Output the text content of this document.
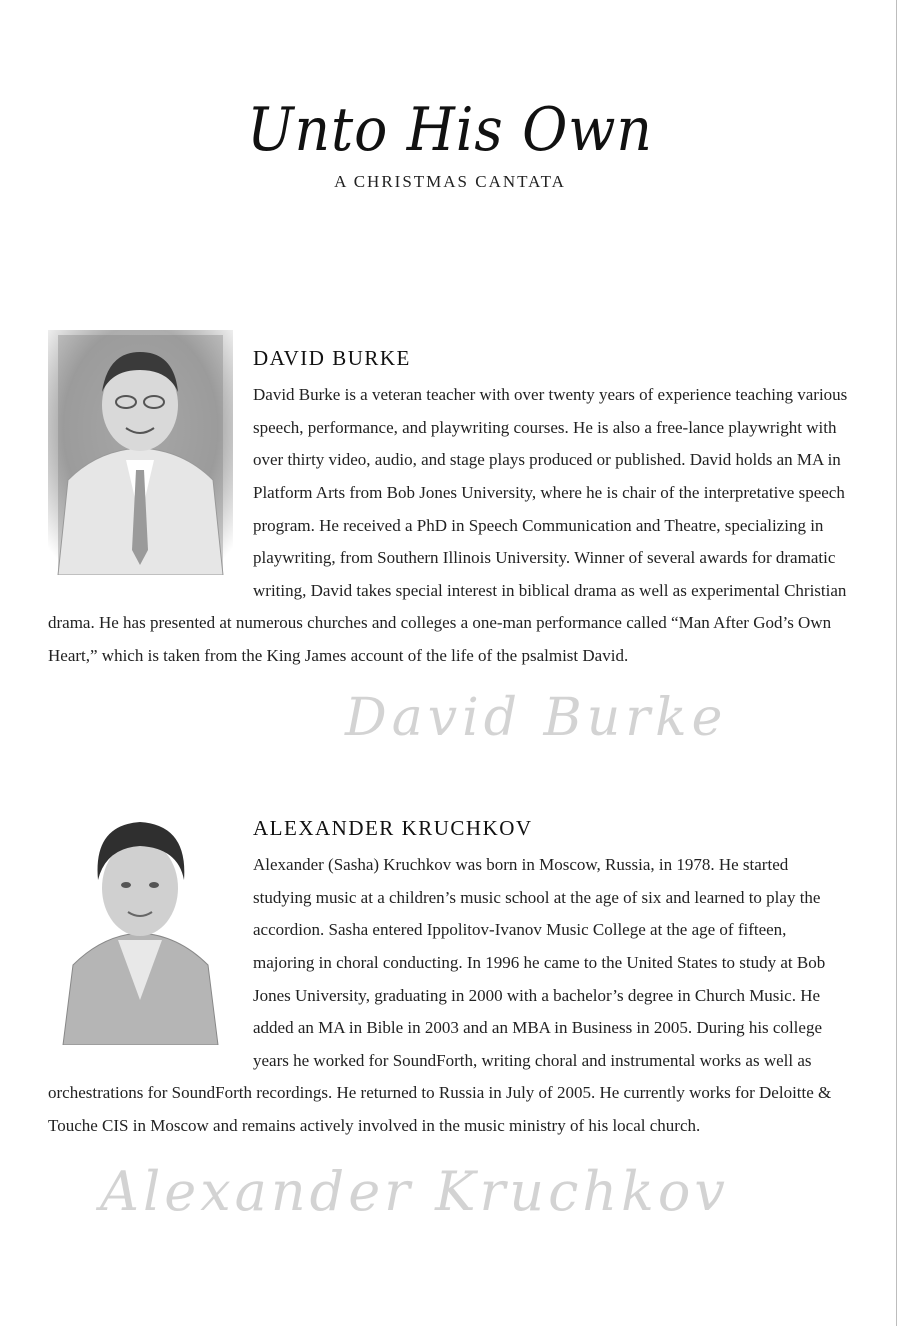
Unto His Own
A CHRISTMAS CANTATA
DAVID BURKE

David Burke is a veteran teacher with over twenty years of experience teaching various speech, performance, and playwriting courses. He is also a free-lance playwright with over thirty video, audio, and stage plays produced or published. David holds an MA in Platform Arts from Bob Jones University, where he is chair of the interpretative speech program. He received a PhD in Speech Communication and Theatre, specializing in playwriting, from Southern Illinois University. Winner of several awards for dramatic writing, David takes special interest in biblical drama as well as experimental Christian drama. He has presented at numerous churches and colleges a one-man performance called “Man After God’s Own Heart,” which is taken from the King James account of the life of the psalmist David.

David Burke
ALEXANDER KRUCHKOV

Alexander (Sasha) Kruchkov was born in Moscow, Russia, in 1978. He started studying music at a children’s music school at the age of six and learned to play the accordion. Sasha entered Ippolitov-Ivanov Music College at the age of fifteen, majoring in choral conducting. In 1996 he came to the United States to study at Bob Jones University, graduating in 2000 with a bachelor’s degree in Church Music. He added an MA in Bible in 2003 and an MBA in Business in 2005. During his college years he worked for SoundForth, writing choral and instrumental works as well as orchestrations for SoundForth recordings. He returned to Russia in July of 2005. He currently works for Deloitte & Touche CIS in Moscow and remains actively involved in the music ministry of his local church.

Alexander Kruchkov
